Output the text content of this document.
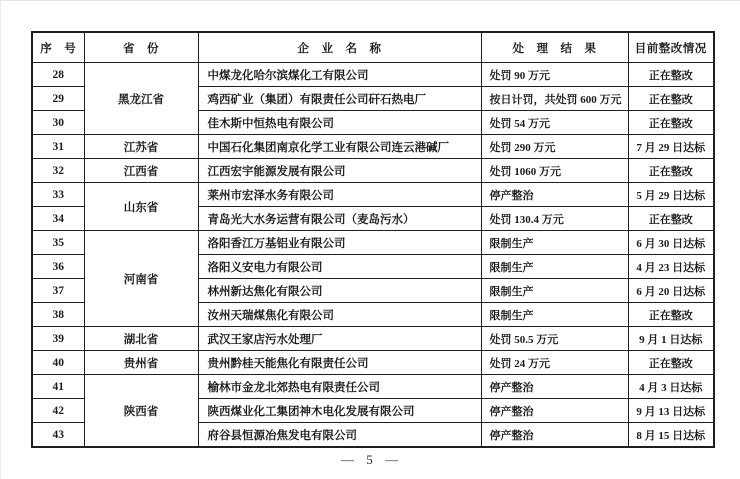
序　号	省　份	企　业　名　称	处　理　结　果	目前整改情况
28	黑龙江省	中煤龙化哈尔滨煤化工有限公司	处罚 90 万元	正在整改
29		鸡西矿业（集团）有限责任公司矸石热电厂	按日计罚，共处罚 600 万元	正在整改
30		佳木斯中恒热电有限公司	处罚 54 万元	正在整改
31	江苏省	中国石化集团南京化学工业有限公司连云港碱厂	处罚 290 万元	7 月 29 日达标
32	江西省	江西宏宇能源发展有限公司	处罚 1060 万元	正在整改
33	山东省	莱州市宏泽水务有限公司	停产整治	5 月 29 日达标
34		青岛光大水务运营有限公司（麦岛污水）	处罚 130.4 万元	正在整改
35	河南省	洛阳香江万基铝业有限公司	限制生产	6 月 30 日达标
36		洛阳义安电力有限公司	限制生产	4 月 23 日达标
37		林州新达焦化有限公司	限制生产	6 月 20 日达标
38		汝州天瑞煤焦化有限公司	限制生产	正在整改
39	湖北省	武汉王家店污水处理厂	处罚 50.5 万元	9 月 1 日达标
40	贵州省	贵州黔桂天能焦化有限责任公司	处罚 24 万元	正在整改
41	陕西省	榆林市金龙北郊热电有限责任公司	停产整治	4 月 3 日达标
42		陕西煤业化工集团神木电化发展有限公司	停产整治	9 月 13 日达标
43		府谷县恒源冶焦发电有限公司	停产整治	8 月 15 日达标
— 5 —
